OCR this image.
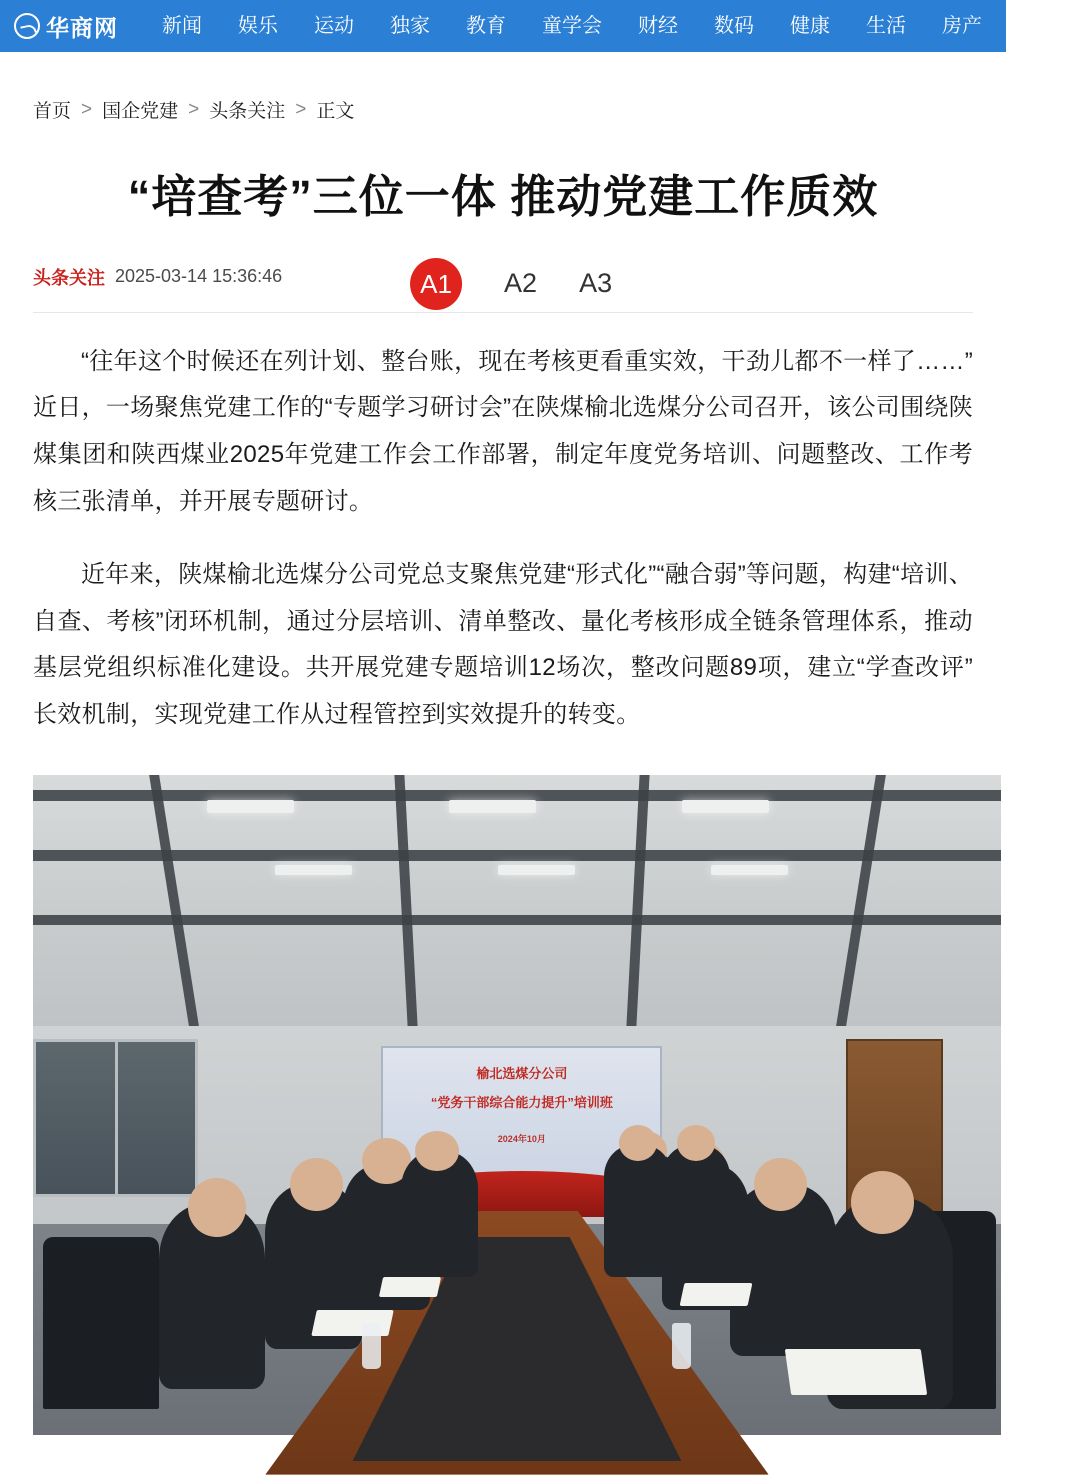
华商网	新闻	娱乐	运动	独家	教育	童学会	财经	数码	健康	生活	房产	政企
首页 > 国企党建 > 头条关注 > 正文
“培查考”三位一体 推动党建工作质效
头条关注 2025-03-14 15:36:46	A1	A2 A3

“往年这个时候还在列计划、整台账，现在考核更看重实效，干劲儿都不一样了……”近日，一场聚焦党建工作的“专题学习研讨会”在陕煤榆北选煤分公司召开，该公司围绕陕煤集团和陕西煤业2025年党建工作会工作部署，制定年度党务培训、问题整改、工作考核三张清单，并开展专题研讨。

近年来，陕煤榆北选煤分公司党总支聚焦党建“形式化”“融合弱”等问题，构建“培训、自查、考核”闭环机制，通过分层培训、清单整改、量化考核形成全链条管理体系，推动基层党组织标准化建设。共开展党建专题培训12场次，整改问题89项，建立“学查改评”长效机制，实现党建工作从过程管控到实效提升的转变。

榆北选煤分公司
“党务干部综合能力提升”培训班
2024年10月
